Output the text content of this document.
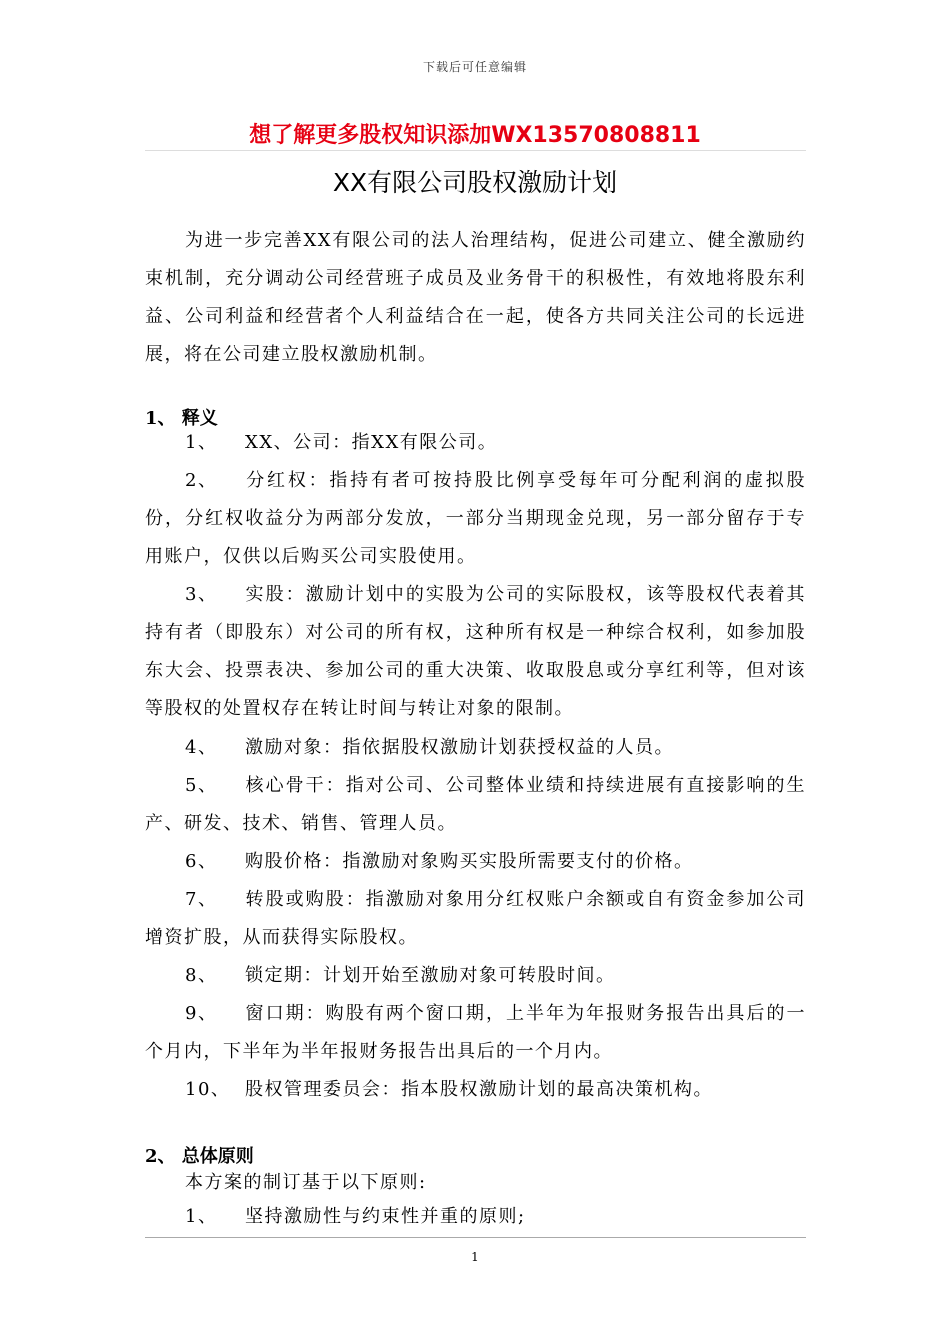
下载后可任意编辑
想了解更多股权知识添加WX13570808811
XX有限公司股权激励计划
为进一步完善XX有限公司的法人治理结构，促进公司建立、健全激励约束机制，充分调动公司经营班子成员及业务骨干的积极性，有效地将股东利益、公司利益和经营者个人利益结合在一起，使各方共同关注公司的长远进展，将在公司建立股权激励机制。
1、 释义
1、 XX、公司：指XX有限公司。
2、 分红权：指持有者可按持股比例享受每年可分配利润的虚拟股份，分红权收益分为两部分发放，一部分当期现金兑现，另一部分留存于专用账户，仅供以后购买公司实股使用。
3、 实股：激励计划中的实股为公司的实际股权，该等股权代表着其持有者（即股东）对公司的所有权，这种所有权是一种综合权利，如参加股东大会、投票表决、参加公司的重大决策、收取股息或分享红利等，但对该等股权的处置权存在转让时间与转让对象的限制。
4、 激励对象：指依据股权激励计划获授权益的人员。
5、 核心骨干：指对公司、公司整体业绩和持续进展有直接影响的生产、研发、技术、销售、管理人员。
6、 购股价格：指激励对象购买实股所需要支付的价格。
7、 转股或购股：指激励对象用分红权账户余额或自有资金参加公司增资扩股，从而获得实际股权。
8、 锁定期：计划开始至激励对象可转股时间。
9、 窗口期：购股有两个窗口期，上半年为年报财务报告出具后的一个月内，下半年为半年报财务报告出具后的一个月内。
10、 股权管理委员会：指本股权激励计划的最高决策机构。
2、 总体原则
本方案的制订基于以下原则:
1、 坚持激励性与约束性并重的原则;
1
